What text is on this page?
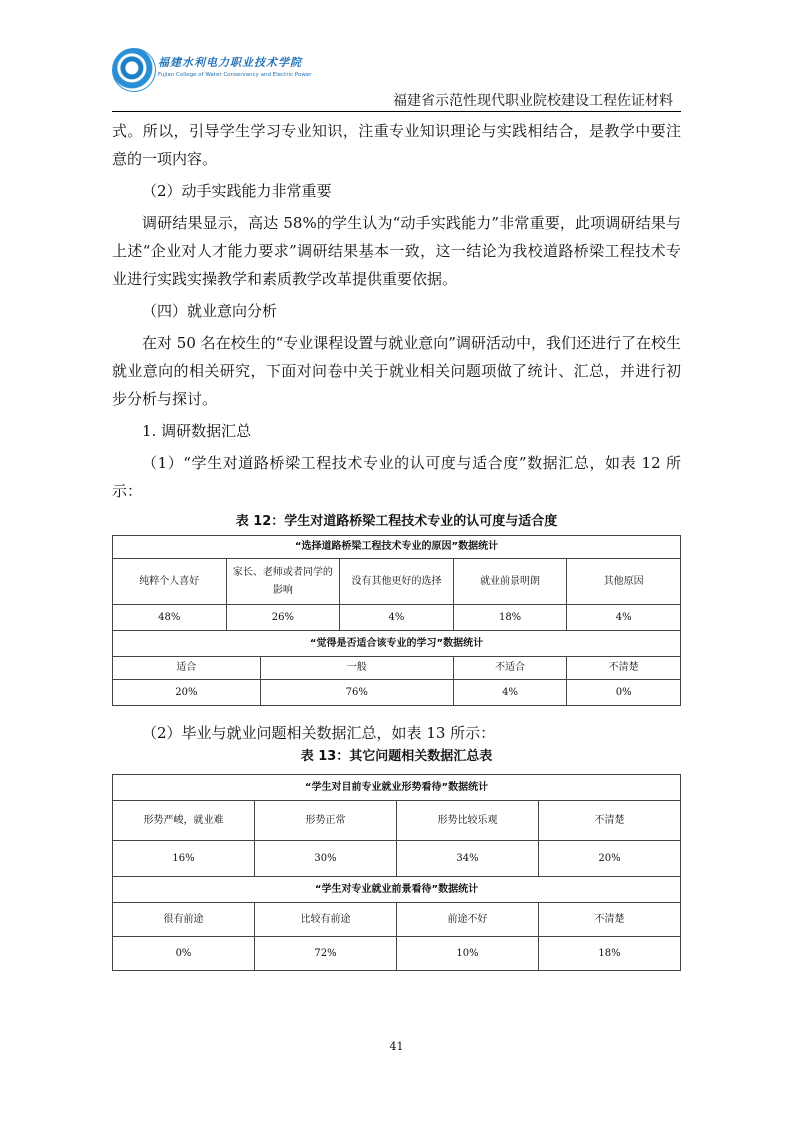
福建水利电力职业技术学院
Fujian College of Water Conservancy and Electric Power
福建省示范性现代职业院校建设工程佐证材料

式。所以，引导学生学习专业知识，注重专业知识理论与实践相结合，是教学中要注意的一项内容。

（2）动手实践能力非常重要

调研结果显示，高达 58%的学生认为“动手实践能力”非常重要，此项调研结果与上述“企业对人才能力要求”调研结果基本一致，这一结论为我校道路桥梁工程技术专业进行实践实操教学和素质教学改革提供重要依据。

（四）就业意向分析

在对 50 名在校生的“专业课程设置与就业意向”调研活动中，我们还进行了在校生就业意向的相关研究，下面对问卷中关于就业相关问题项做了统计、汇总，并进行初步分析与探讨。

1. 调研数据汇总

（1）“学生对道路桥梁工程技术专业的认可度与适合度”数据汇总，如表 12 所示：

表 12：学生对道路桥梁工程技术专业的认可度与适合度

“选择道路桥梁工程技术专业的原因”数据统计					
纯粹个人喜好	家长、老师或者同学的影响		没有其他更好的选择	就业前景明朗	其他原因
48%	26%		4%	18%	4%
“觉得是否适合该专业的学习”数据统计					
适合		一般		不适合	不清楚
20%		76%		4%	0%

（2）毕业与就业问题相关数据汇总，如表 13 所示：

表 13：其它问题相关数据汇总表

“学生对目前专业就业形势看待”数据统计			
形势严峻，就业难	形势正常	形势比较乐观	不清楚
16%	30%	34%	20%
“学生对专业就业前景看待”数据统计			
很有前途	比较有前途	前途不好	不清楚
0%	72%	10%	18%
41
